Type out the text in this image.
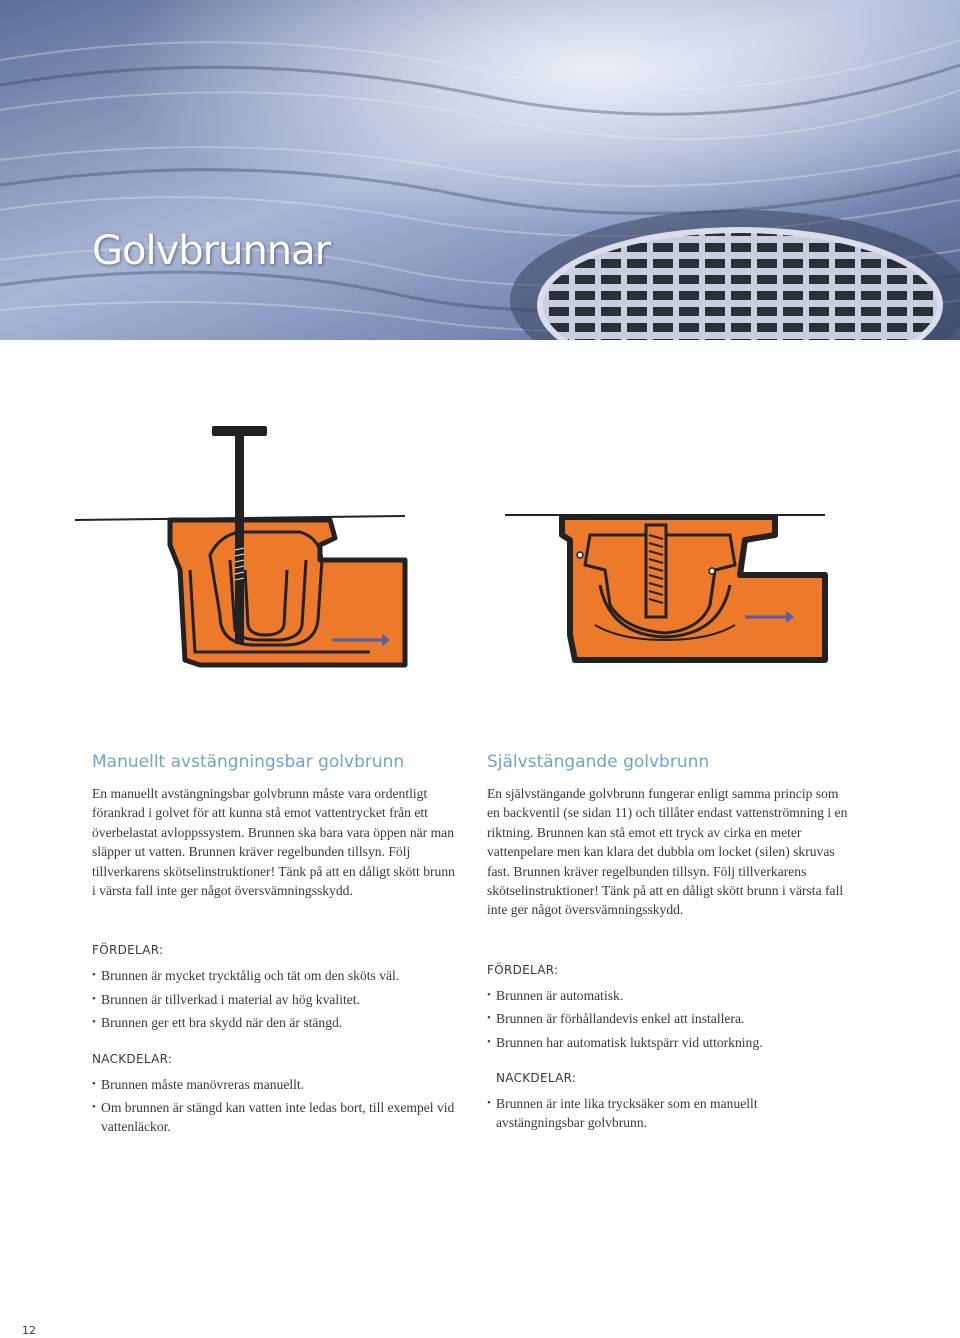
Golvbrunnar
Manuellt avstängningsbar golvbrunn

En manuellt avstängningsbar golvbrunn måste vara ordentligt förankrad i golvet för att kunna stå emot vattentrycket från ett överbelastat avloppssystem. Brunnen ska bara vara öppen när man släpper ut vatten. Brunnen kräver regelbunden tillsyn. Följ tillverkarens skötselinstruktioner! Tänk på att en dåligt skött brunn i värsta fall inte ger något översvämningsskydd.

FÖRDELAR:
• Brunnen är mycket trycktålig och tät om den sköts väl.
• Brunnen är tillverkad i material av hög kvalitet.
• Brunnen ger ett bra skydd när den är stängd.
NACKDELAR:
• Brunnen måste manövreras manuellt.
• Om brunnen är stängd kan vatten inte ledas bort, till exempel vid vattenläckor.
Självstängande golvbrunn

En självstängande golvbrunn fungerar enligt samma princip som en backventil (se sidan 11) och tillåter endast vattenströmning i en riktning. Brunnen kan stå emot ett tryck av cirka en meter vattenpelare men kan klara det dubbla om locket (silen) skruvas fast. Brunnen kräver regelbunden tillsyn. Följ tillverkarens skötselinstruktioner! Tänk på att en dåligt skött brunn i värsta fall inte ger något översvämningsskydd.

FÖRDELAR:
• Brunnen är automatisk.
• Brunnen är förhållandevis enkel att installera.
• Brunnen har automatisk luktspärr vid uttorkning.
NACKDELAR:
• Brunnen är inte lika trycksäker som en manuellt avstängningsbar golvbrunn.
12
